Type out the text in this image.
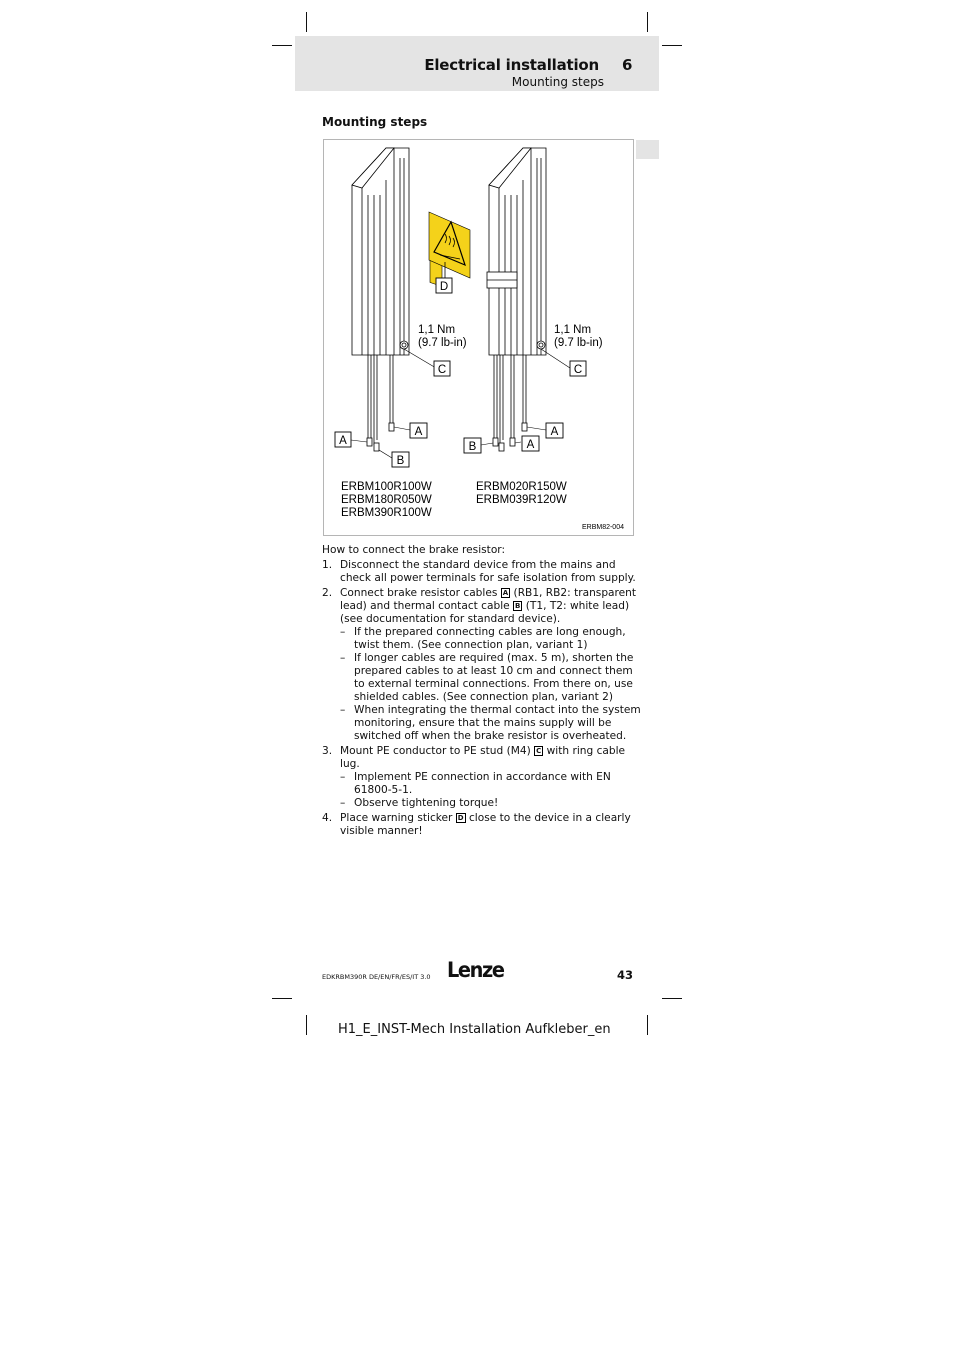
Electrical installation 6
Mounting steps
Mounting steps
D
C	C
1,1 Nm
(9.7 lb-in)
1,1 Nm
(9.7 lb-in)
A
A
B
A
B	A
ERBM100R100W
ERBM180R050W
ERBM390R100W
ERBM020R150W
ERBM039R120W
ERBM82-004

How to connect the brake resistor:

1. Disconnect the standard device from the mains and check all power terminals for safe isolation from supply.
2. Connect brake resistor cables A (RB1, RB2: transparent lead) and thermal contact cable B (T1, T2: white lead) (see documentation for standard device).
– If the prepared connecting cables are long enough, twist them. (See connection plan, variant 1)
– If longer cables are required (max. 5 m), shorten the prepared cables to at least 10 cm and connect them to external terminal connections. From there on, use shielded cables. (See connection plan, variant 2)
– When integrating the thermal contact into the system monitoring, ensure that the mains supply will be switched off when the brake resistor is overheated.
3. Mount PE conductor to PE stud (M4) C with ring cable lug.
– Implement PE connection in accordance with EN 61800-5-1.
– Observe tightening torque!
4. Place warning sticker D close to the device in a clearly visible manner!
EDKRBM390R DE/EN/FR/ES/IT 3.0 Lenze	43
H1_E_INST-Mech Installation Aufkleber_en
